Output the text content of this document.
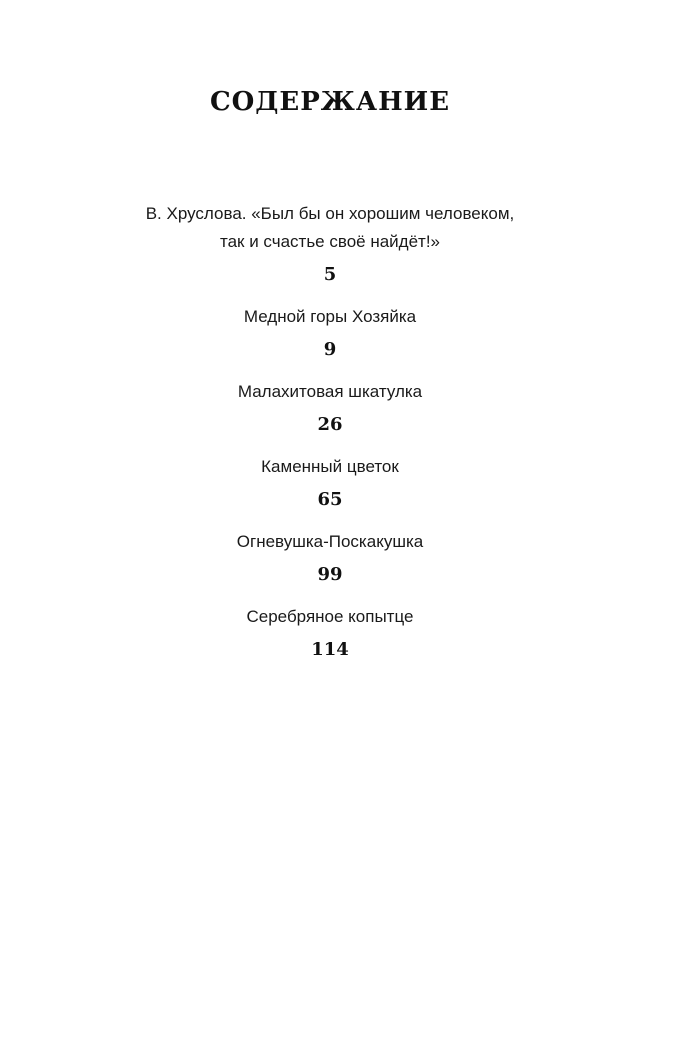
СОДЕРЖАНИЕ
В. Хруслова. «Был бы он хорошим человеком,
так и счастье своё найдёт!»
5
Медной горы Хозяйка
9
Малахитовая шкатулка
26
Каменный цветок
65
Огневушка-Поскакушка
99
Серебряное копытце
114
